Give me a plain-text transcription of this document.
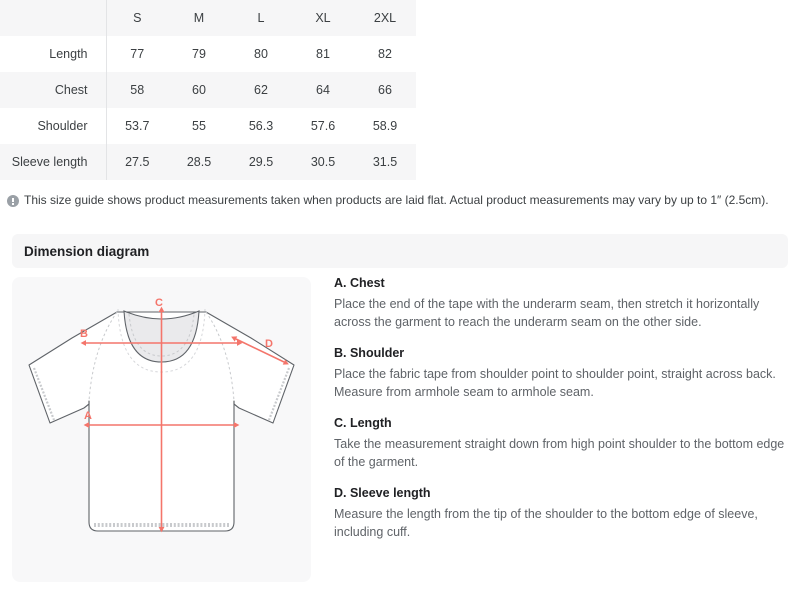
	S	M	L	XL	2XL
Length	77	79	80	81	82
Chest	58	60	62	64	66
Shoulder	53.7	55	56.3	57.6	58.9
Sleeve length	27.5	28.5	29.5	30.5	31.5
This size guide shows product measurements taken when products are laid flat. Actual product measurements may vary by up to 1″ (2.5cm).
Dimension diagram
C
B
A
D
A. Chest
Place the end of the tape with the underarm seam, then stretch it horizontally across the garment to reach the underarm seam on the other side.
B. Shoulder
Place the fabric tape from shoulder point to shoulder point, straight across back. Measure from armhole seam to armhole seam.
C. Length
Take the measurement straight down from high point shoulder to the bottom edge of the garment.
D. Sleeve length
Measure the length from the tip of the shoulder to the bottom edge of sleeve, including cuff.
